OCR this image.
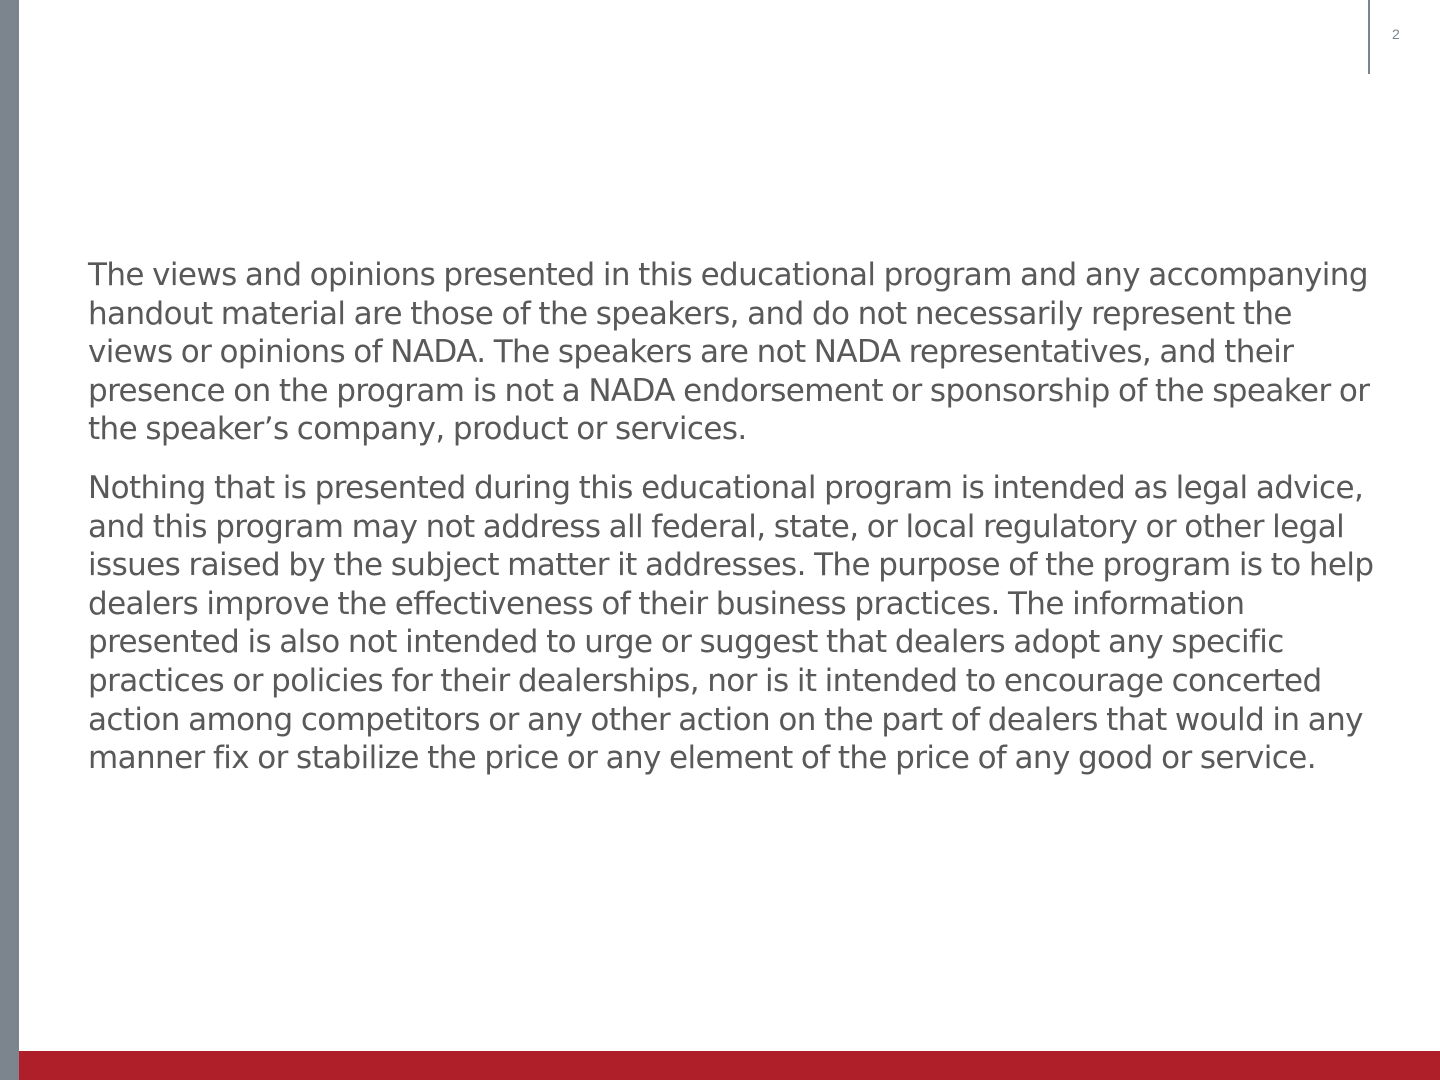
2

The views and opinions presented in this educational program and any accompanying handout material are those of the speakers, and do not necessarily represent the views or opinions of NADA. The speakers are not NADA representatives, and their presence on the program is not a NADA endorsement or sponsorship of the speaker or the speaker’s company, product or services.

Nothing that is presented during this educational program is intended as legal advice, and this program may not address all federal, state, or local regulatory or other legal issues raised by the subject matter it addresses. The purpose of the program is to help dealers improve the effectiveness of their business practices. The information presented is also not intended to urge or suggest that dealers adopt any specific practices or policies for their dealerships, nor is it intended to encourage concerted action among competitors or any other action on the part of dealers that would in any manner fix or stabilize the price or any element of the price of any good or service.
